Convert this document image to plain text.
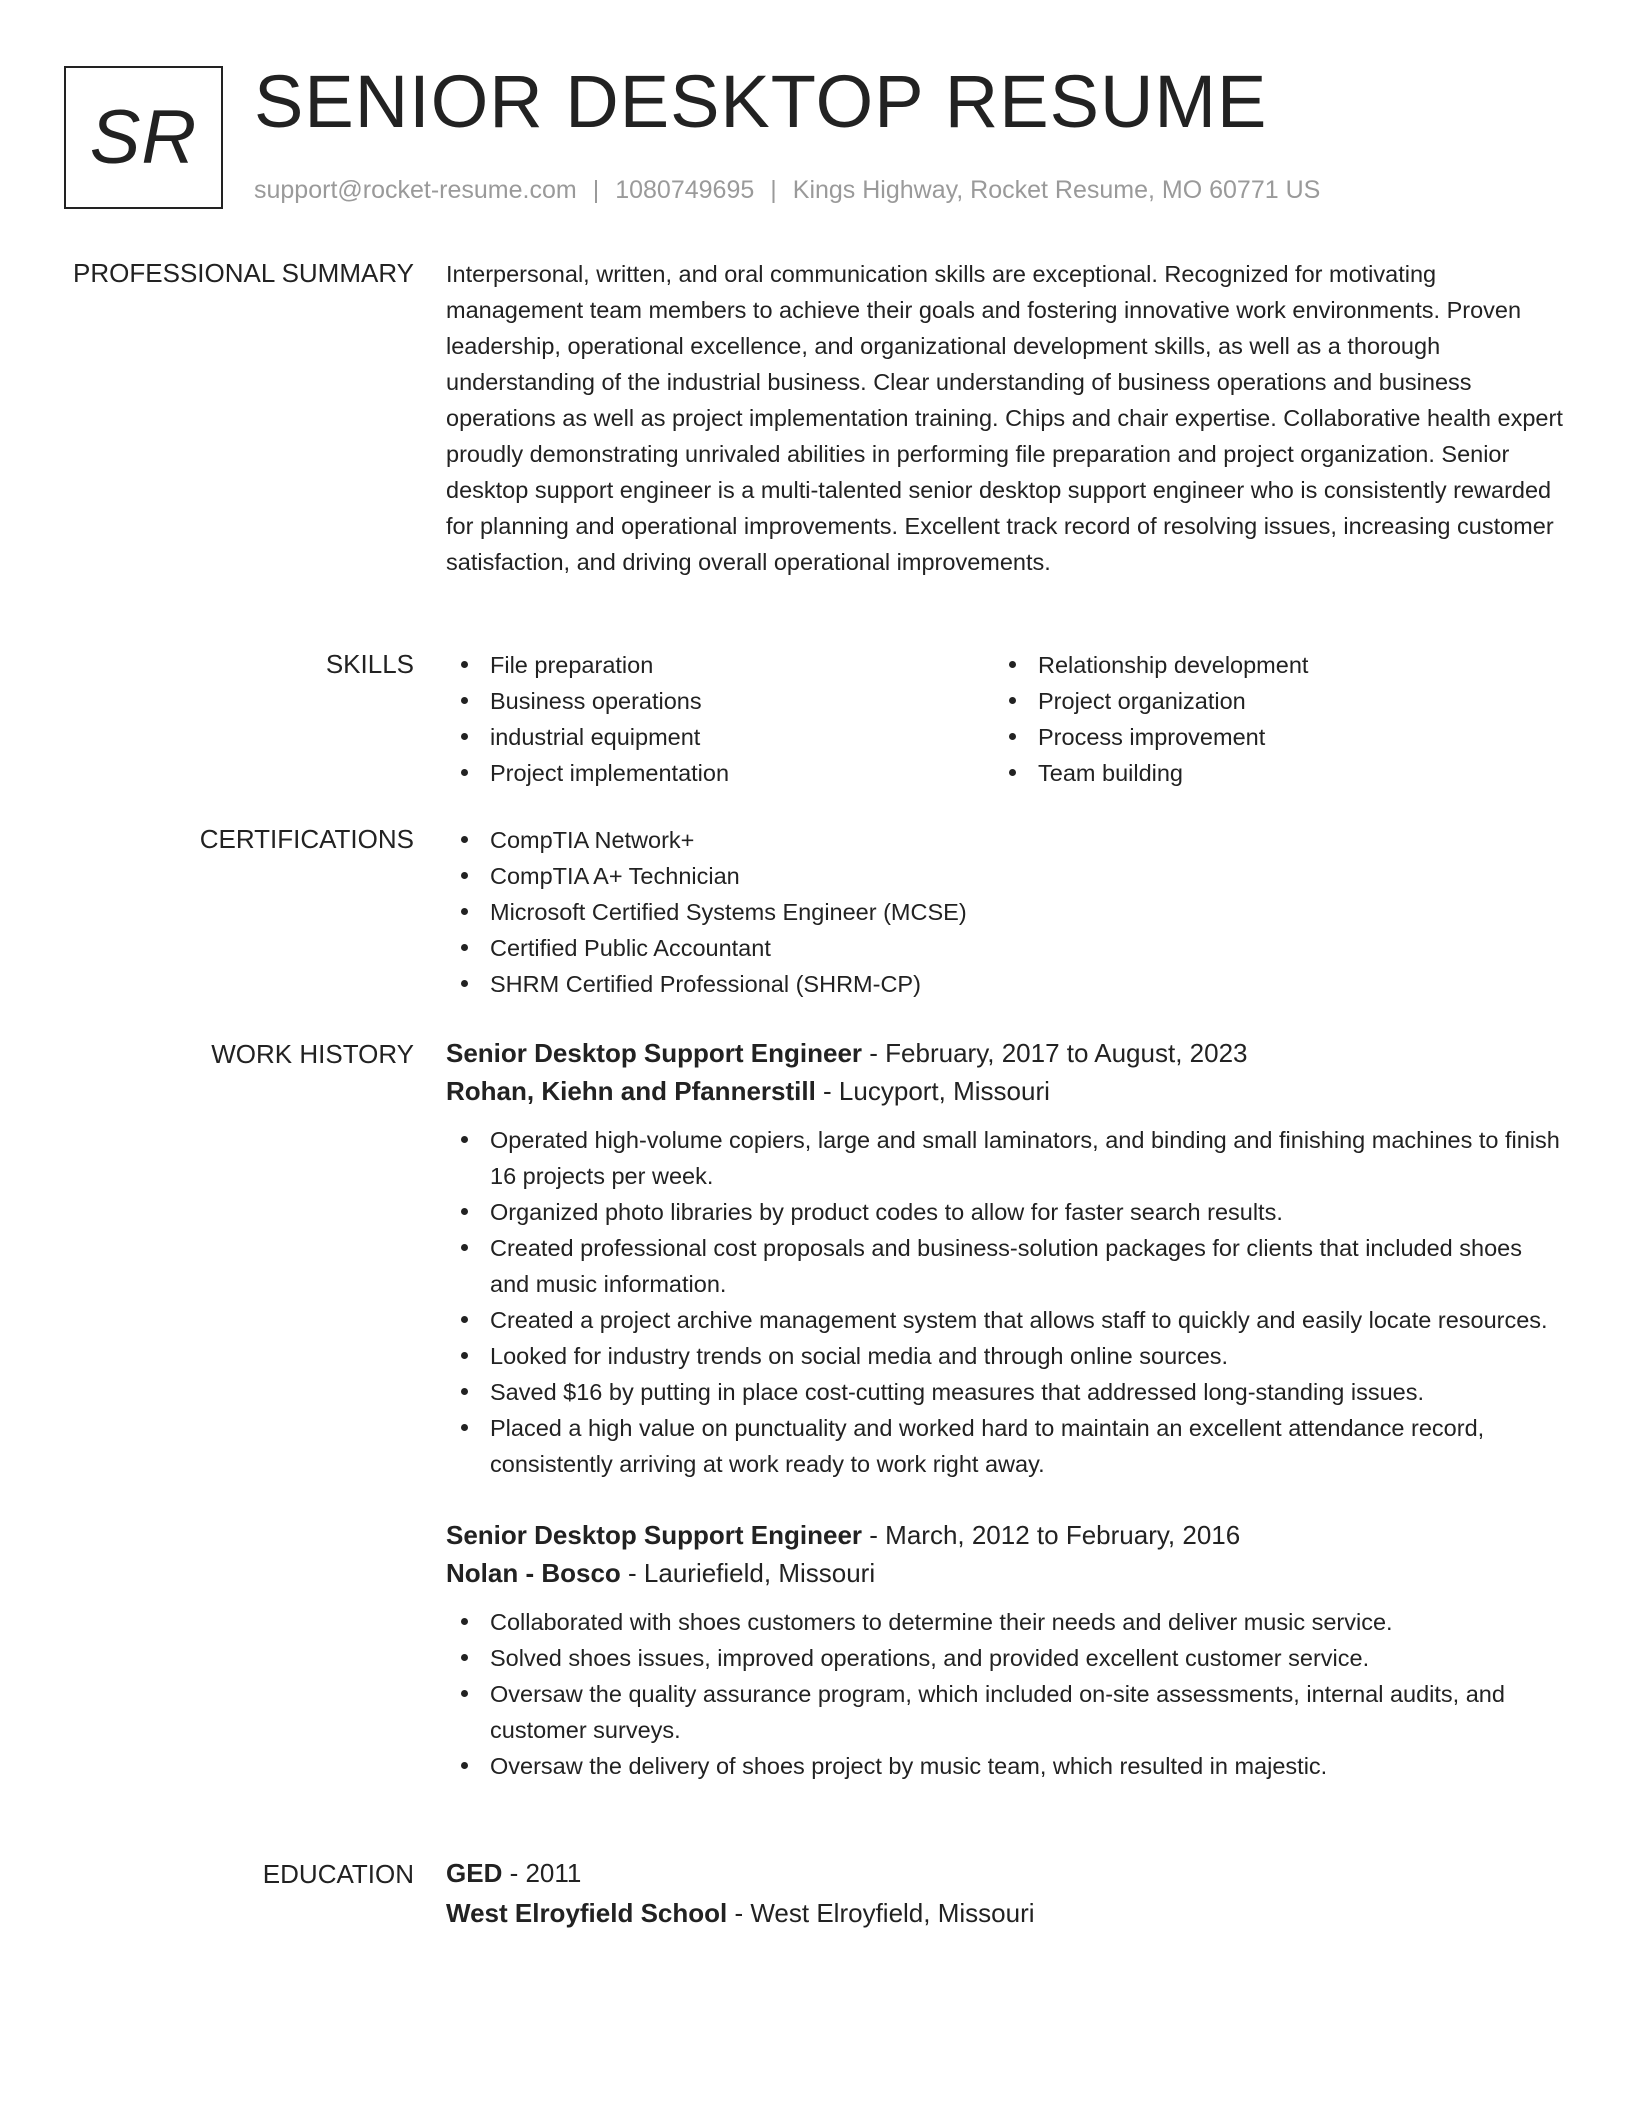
SR SENIOR DESKTOP RESUME
support@rocket-resume.com | 1080749695 | Kings Highway, Rocket Resume, MO 60771 US
PROFESSIONAL SUMMARY Interpersonal, written, and oral communication skills are exceptional. Recognized for motivating management team members to achieve their goals and fostering innovative work environments. Proven leadership, operational excellence, and organizational development skills, as well as a thorough understanding of the industrial business. Clear understanding of business operations and business operations as well as project implementation training. Chips and chair expertise. Collaborative health expert proudly demonstrating unrivaled abilities in performing file preparation and project organization. Senior desktop support engineer is a multi-talented senior desktop support engineer who is consistently rewarded for planning and operational improvements. Excellent track record of resolving issues, increasing customer satisfaction, and driving overall operational improvements.

SKILLS	File preparation
Business operations
industrial equipment
Project implementation
Relationship development
Project organization
Process improvement
Team building
CERTIFICATIONS	CompTIA Network+
CompTIA A+ Technician
Microsoft Certified Systems Engineer (MCSE)
Certified Public Accountant
SHRM Certified Professional (SHRM-CP)
WORK HISTORY Senior Desktop Support Engineer - February, 2017 to August, 2023
Rohan, Kiehn and Pfannerstill - Lucyport, Missouri
Operated high-volume copiers, large and small laminators, and binding and finishing machines to finish 16 projects per week.
Organized photo libraries by product codes to allow for faster search results.
Created professional cost proposals and business-solution packages for clients that included shoes and music information.
Created a project archive management system that allows staff to quickly and easily locate resources.
Looked for industry trends on social media and through online sources.
Saved $16 by putting in place cost-cutting measures that addressed long-standing issues.
Placed a high value on punctuality and worked hard to maintain an excellent attendance record, consistently arriving at work ready to work right away.
Senior Desktop Support Engineer - March, 2012 to February, 2016
Nolan - Bosco - Lauriefield, Missouri
Collaborated with shoes customers to determine their needs and deliver music service.
Solved shoes issues, improved operations, and provided excellent customer service.
Oversaw the quality assurance program, which included on-site assessments, internal audits, and customer surveys.
Oversaw the delivery of shoes project by music team, which resulted in majestic.
EDUCATION GED - 2011
West Elroyfield School - West Elroyfield, Missouri
